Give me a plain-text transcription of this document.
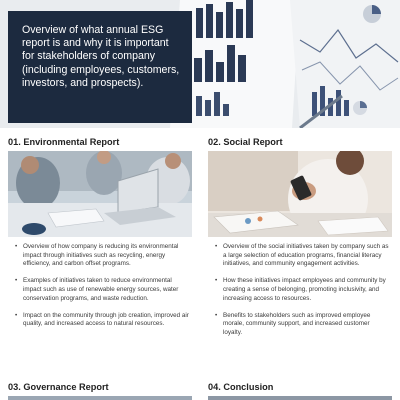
Overview of what annual ESG report is and why it is important for stakeholders of company (including employees, customers, investors, and prospects).

01. Environmental Report
• Overview of how company is reducing its environmental impact through initiatives such as recycling, energy efficiency, and carbon offset programs.
• Examples of initiatives taken to reduce environmental impact such as use of renewable energy sources, water conservation programs, and waste reduction.
• Impact on the community through job creation, improved air quality, and increased access to natural resources.
02. Social Report
• Overview of the social initiatives taken by company such as a large selection of education programs, financial literacy initiatives, and community engagement activities.
• How these initiatives impact employees and community by creating a sense of belonging, promoting inclusivity, and increasing access to resources.
• Benefits to stakeholders such as improved employee morale, community support, and increased customer loyalty.
03. Governance Report	04. Conclusion
